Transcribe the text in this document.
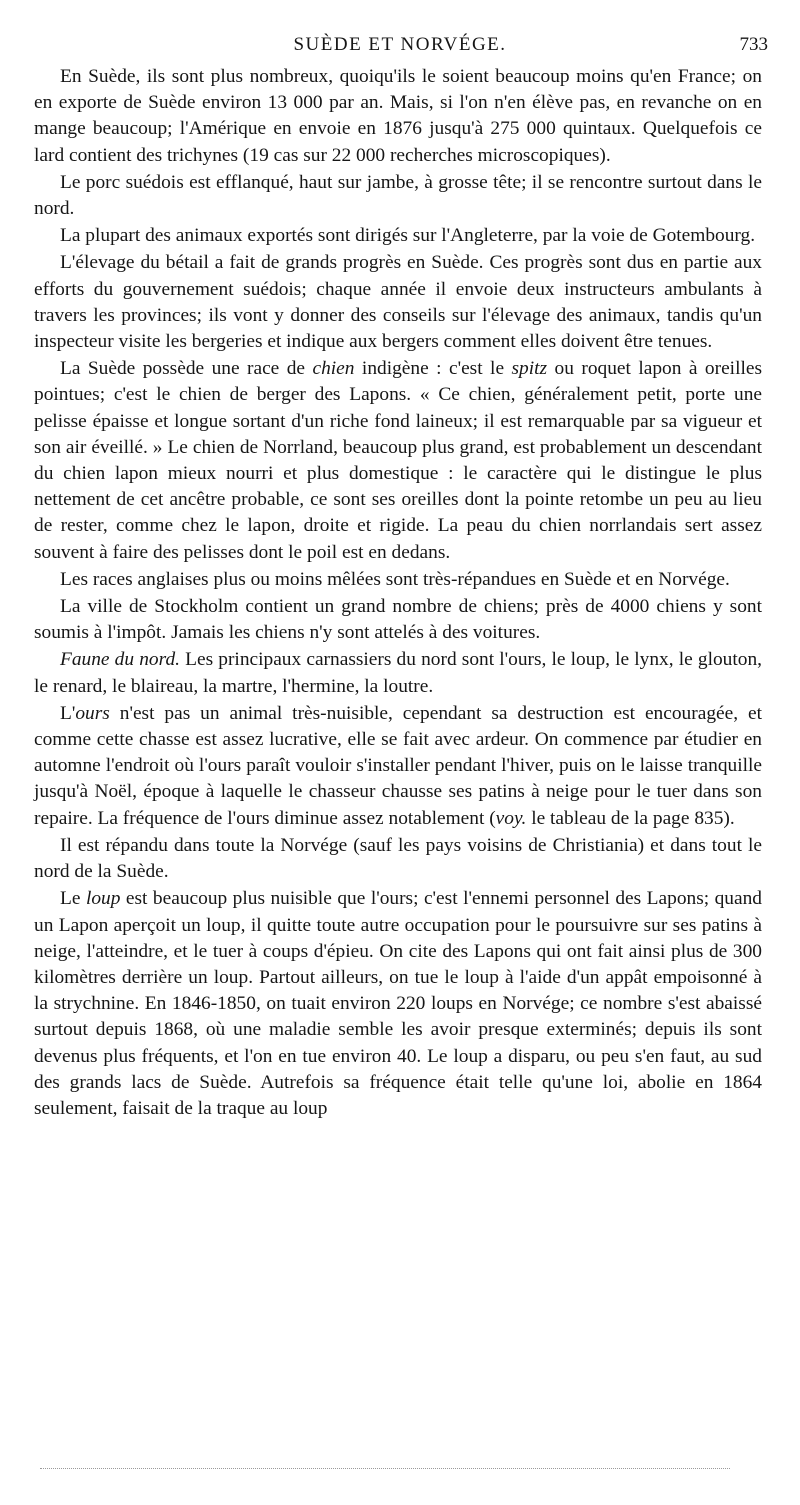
SUÈDE ET NORVÉGE.	733

En Suède, ils sont plus nombreux, quoiqu'ils le soient beaucoup moins qu'en France; on en exporte de Suède environ 13 000 par an. Mais, si l'on n'en élève pas, en revanche on en mange beaucoup; l'Amérique en envoie en 1876 jusqu'à 275 000 quintaux. Quelquefois ce lard contient des trichynes (19 cas sur 22 000 recherches microscopiques).

Le porc suédois est efflanqué, haut sur jambe, à grosse tête; il se rencontre surtout dans le nord.

La plupart des animaux exportés sont dirigés sur l'Angleterre, par la voie de Gotembourg.

L'élevage du bétail a fait de grands progrès en Suède. Ces progrès sont dus en partie aux efforts du gouvernement suédois; chaque année il envoie deux instructeurs ambulants à travers les provinces; ils vont y donner des conseils sur l'élevage des animaux, tandis qu'un inspecteur visite les bergeries et indique aux bergers comment elles doivent être tenues.

La Suède possède une race de chien indigène : c'est le spitz ou roquet lapon à oreilles pointues; c'est le chien de berger des Lapons. « Ce chien, généralement petit, porte une pelisse épaisse et longue sortant d'un riche fond laineux; il est remarquable par sa vigueur et son air éveillé. » Le chien de Norrland, beaucoup plus grand, est probablement un descendant du chien lapon mieux nourri et plus domestique : le caractère qui le distingue le plus nettement de cet ancêtre probable, ce sont ses oreilles dont la pointe retombe un peu au lieu de rester, comme chez le lapon, droite et rigide. La peau du chien norrlandais sert assez souvent à faire des pelisses dont le poil est en dedans.

Les races anglaises plus ou moins mêlées sont très-répandues en Suède et en Norvége.

La ville de Stockholm contient un grand nombre de chiens; près de 4000 chiens y sont soumis à l'impôt. Jamais les chiens n'y sont attelés à des voitures.

Faune du nord. Les principaux carnassiers du nord sont l'ours, le loup, le lynx, le glouton, le renard, le blaireau, la martre, l'hermine, la loutre.

L'ours n'est pas un animal très-nuisible, cependant sa destruction est encouragée, et comme cette chasse est assez lucrative, elle se fait avec ardeur. On commence par étudier en automne l'endroit où l'ours paraît vouloir s'installer pendant l'hiver, puis on le laisse tranquille jusqu'à Noël, époque à laquelle le chasseur chausse ses patins à neige pour le tuer dans son repaire. La fréquence de l'ours diminue assez notablement (voy. le tableau de la page 835).

Il est répandu dans toute la Norvége (sauf les pays voisins de Christiania) et dans tout le nord de la Suède.

Le loup est beaucoup plus nuisible que l'ours; c'est l'ennemi personnel des Lapons; quand un Lapon aperçoit un loup, il quitte toute autre occupation pour le poursuivre sur ses patins à neige, l'atteindre, et le tuer à coups d'épieu. On cite des Lapons qui ont fait ainsi plus de 300 kilomètres derrière un loup. Partout ailleurs, on tue le loup à l'aide d'un appât empoisonné à la strychnine. En 1846-1850, on tuait environ 220 loups en Norvége; ce nombre s'est abaissé surtout depuis 1868, où une maladie semble les avoir presque exterminés; depuis ils sont devenus plus fréquents, et l'on en tue environ 40. Le loup a disparu, ou peu s'en faut, au sud des grands lacs de Suède. Autrefois sa fréquence était telle qu'une loi, abolie en 1864 seulement, faisait de la traque au loup
